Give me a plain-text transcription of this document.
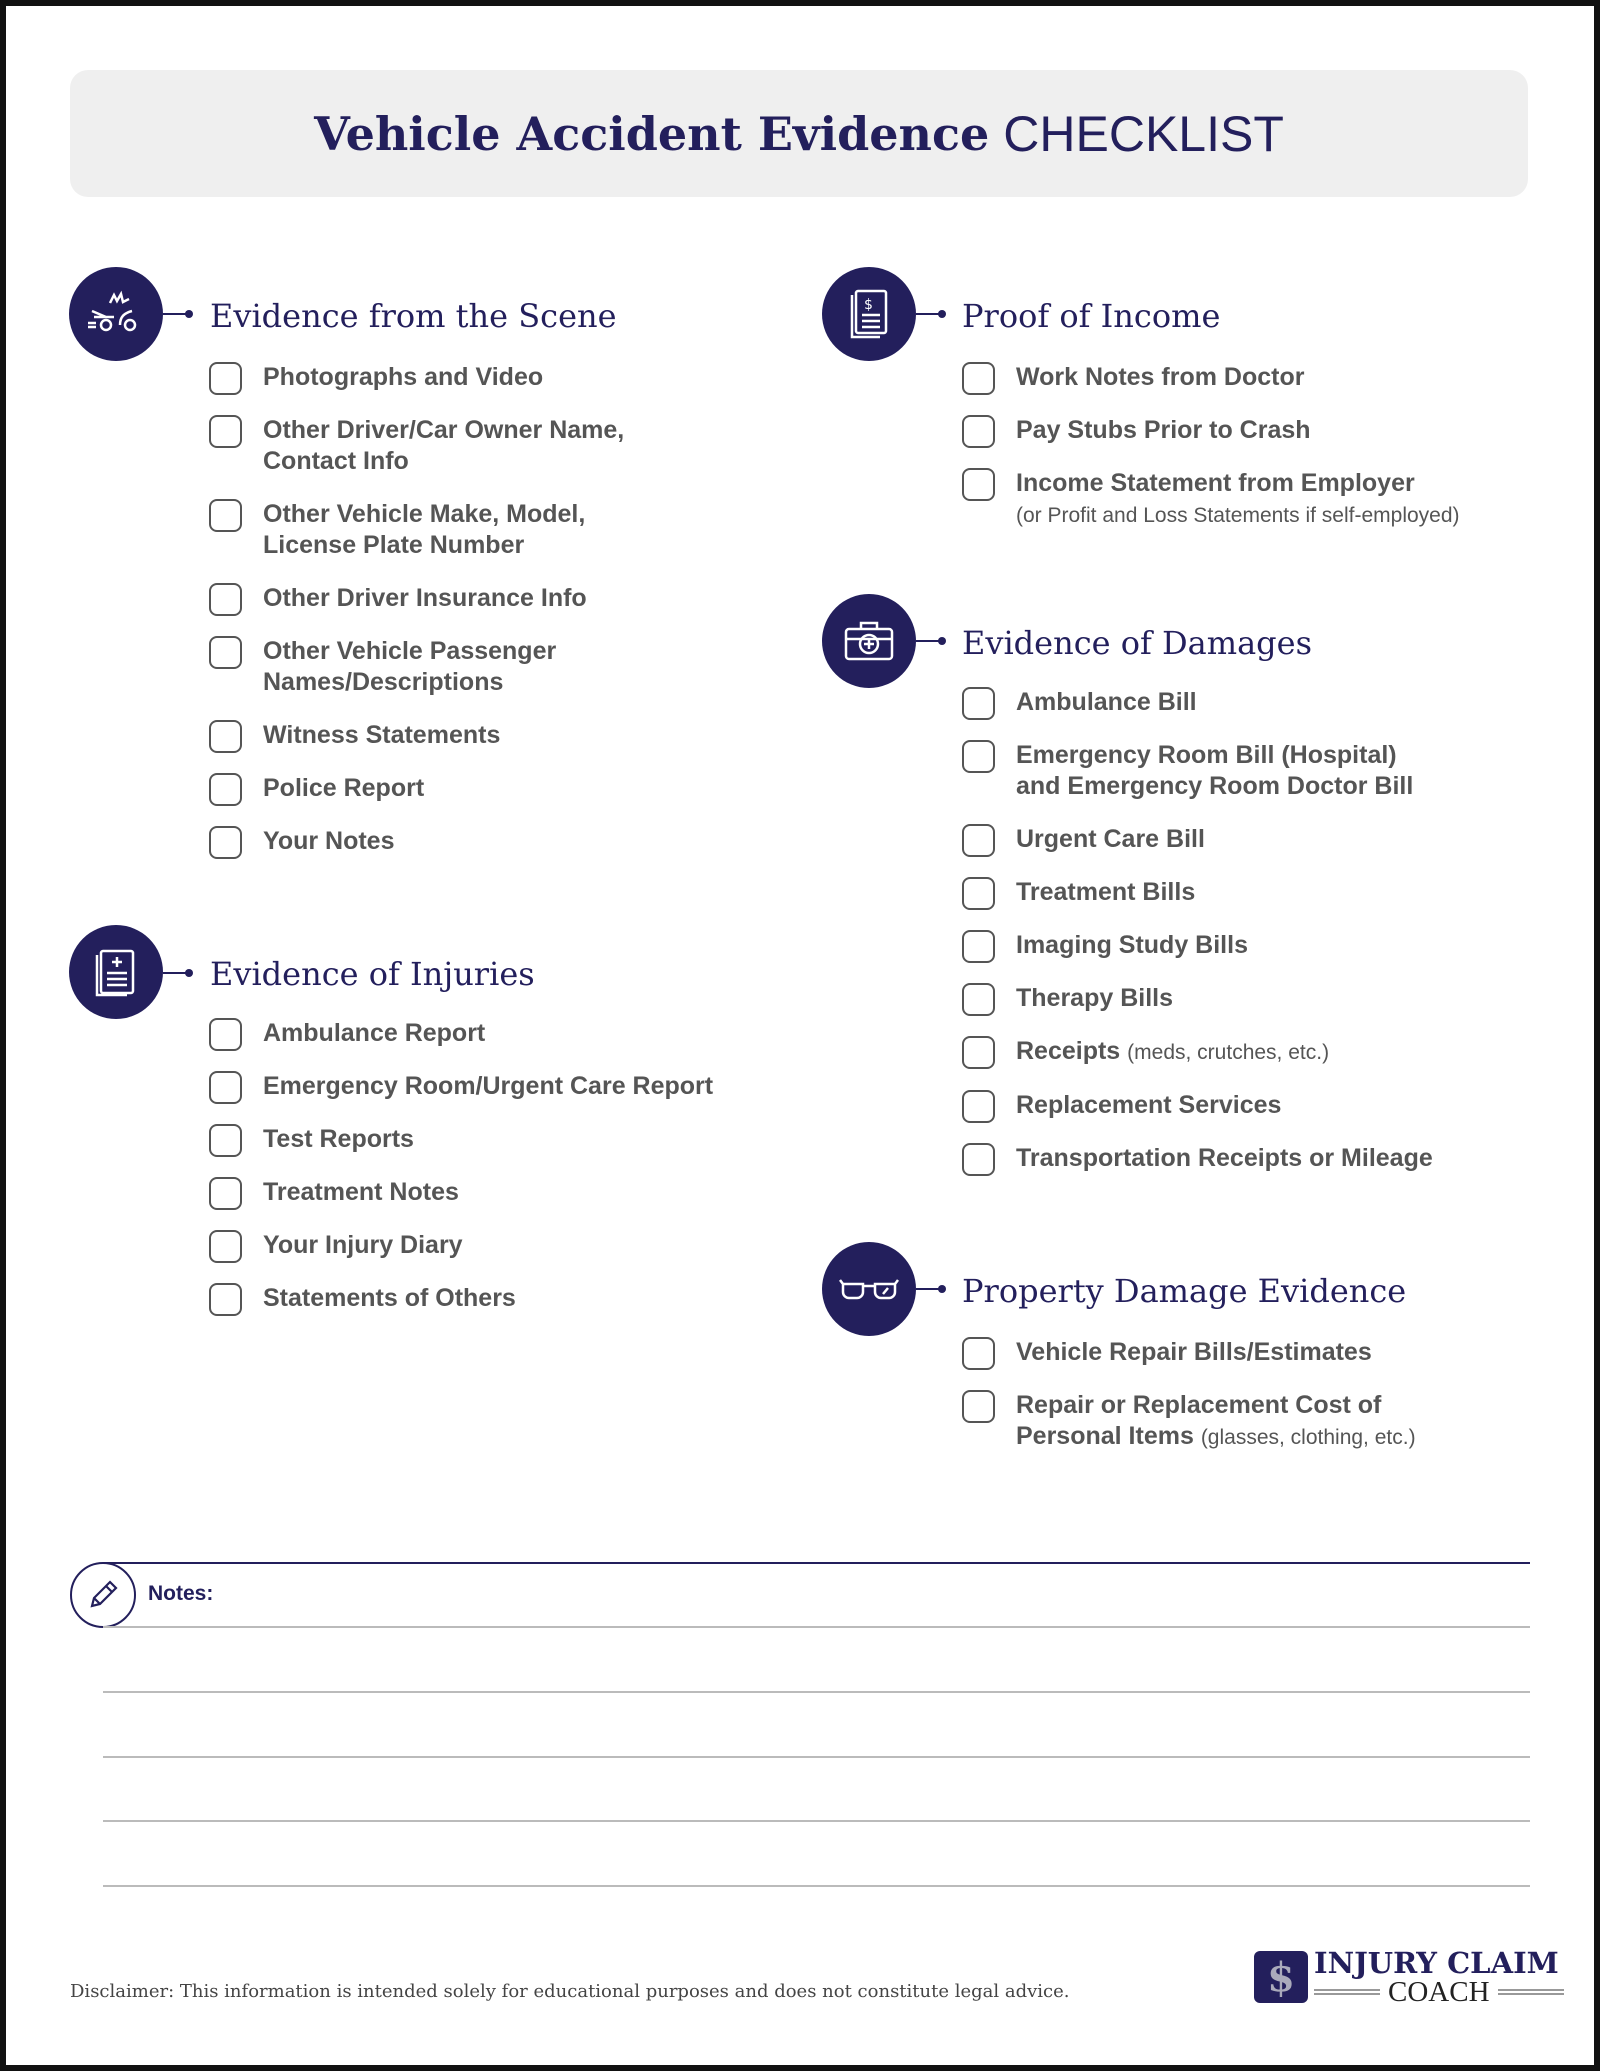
Vehicle Accident Evidence CHECKLIST
Evidence from the Scene
Photographs and Video
Other Driver/Car Owner Name,
Contact Info
Other Vehicle Make, Model,
License Plate Number
Other Driver Insurance Info
Other Vehicle Passenger
Names/Descriptions
Witness Statements
Police Report
Your Notes
Evidence of Injuries
Ambulance Report
Emergency Room/Urgent Care Report
Test Reports
Treatment Notes
Your Injury Diary
Statements of Others
$	Proof of Income
Work Notes from Doctor
Pay Stubs Prior to Crash
Income Statement from Employer
(or Profit and Loss Statements if self-employed)
Evidence of Damages
Ambulance Bill
Emergency Room Bill (Hospital)
and Emergency Room Doctor Bill
Urgent Care Bill
Treatment Bills
Imaging Study Bills
Therapy Bills
Receipts (meds, crutches, etc.)
Replacement Services
Transportation Receipts or Mileage
Property Damage Evidence
Vehicle Repair Bills/Estimates
Repair or Replacement Cost of
Personal Items (glasses, clothing, etc.)
Notes:
Disclaimer: This information is intended solely for educational purposes and does not constitute legal advice.	$ INJURY CLAIM
COACH
